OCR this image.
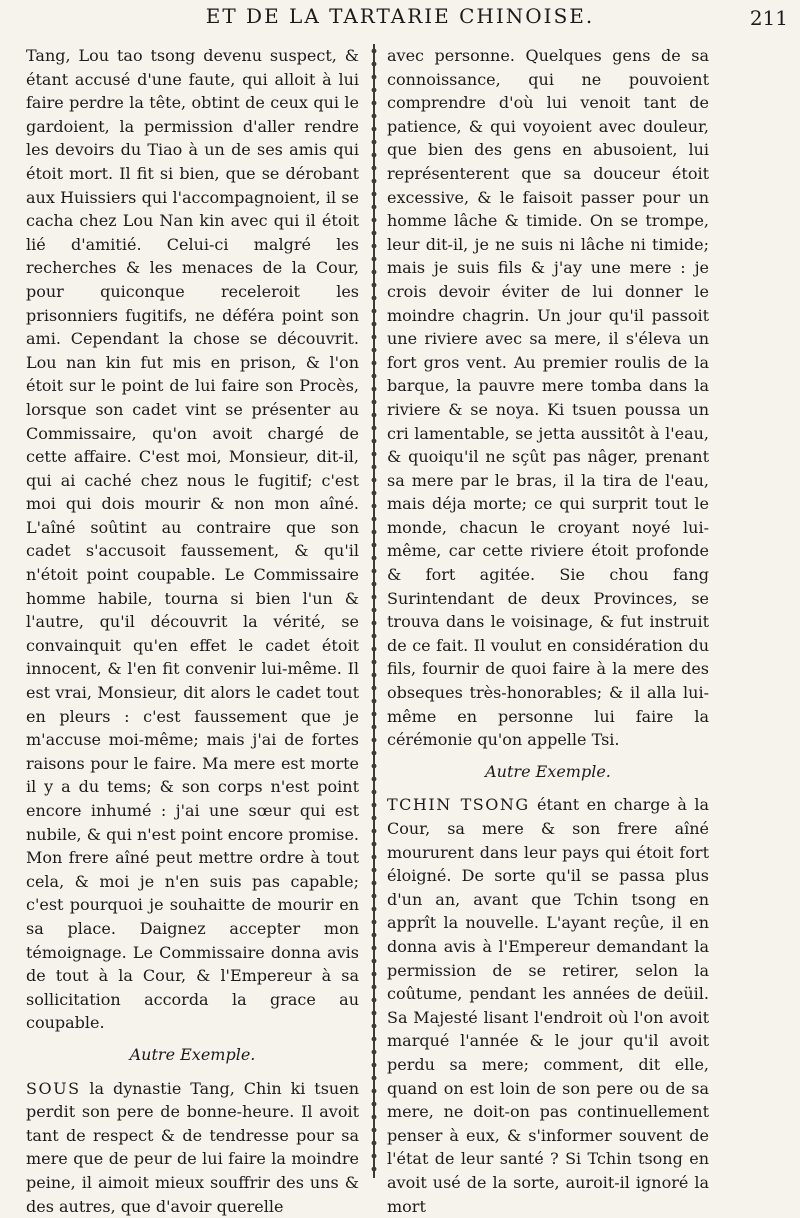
ET DE LA TARTARIE CHINOISE.	211

Tang, Lou tao tsong devenu suspect, & étant accusé d'une faute, qui alloit à lui faire perdre la tête, obtint de ceux qui le gardoient, la permission d'aller rendre les devoirs du Tiao à un de ses amis qui étoit mort. Il fit si bien, que se dérobant aux Huissiers qui l'accompagnoient, il se cacha chez Lou Nan kin avec qui il étoit lié d'amitié. Celui-ci malgré les recherches & les menaces de la Cour, pour quiconque receleroit les prisonniers fugitifs, ne déféra point son ami. Cependant la chose se découvrit. Lou nan kin fut mis en prison, & l'on étoit sur le point de lui faire son Procès, lorsque son cadet vint se présenter au Commissaire, qu'on avoit chargé de cette affaire. C'est moi, Monsieur, dit-il, qui ai caché chez nous le fugitif; c'est moi qui dois mourir & non mon aîné. L'aîné soûtint au contraire que son cadet s'accusoit faussement, & qu'il n'étoit point coupable. Le Commissaire homme habile, tourna si bien l'un & l'autre, qu'il découvrit la vérité, se convainquit qu'en effet le cadet étoit innocent, & l'en fit convenir lui-même. Il est vrai, Monsieur, dit alors le cadet tout en pleurs : c'est faussement que je m'accuse moi-même; mais j'ai de fortes raisons pour le faire. Ma mere est morte il y a du tems; & son corps n'est point encore inhumé : j'ai une sœur qui est nubile, & qui n'est point encore promise. Mon frere aîné peut mettre ordre à tout cela, & moi je n'en suis pas capable; c'est pourquoi je souhaitte de mourir en sa place. Daignez accepter mon témoignage. Le Commissaire donna avis de tout à la Cour, & l'Empereur à sa sollicitation accorda la grace au coupable.

Autre Exemple.

SOUS la dynastie Tang, Chin ki tsuen perdit son pere de bonne-heure. Il avoit tant de respect & de tendresse pour sa mere que de peur de lui faire la moindre peine, il aimoit mieux souffrir des uns & des autres, que d'avoir querelle

avec personne. Quelques gens de sa connoissance, qui ne pouvoient comprendre d'où lui venoit tant de patience, & qui voyoient avec douleur, que bien des gens en abusoient, lui représenterent que sa douceur étoit excessive, & le faisoit passer pour un homme lâche & timide. On se trompe, leur dit-il, je ne suis ni lâche ni timide; mais je suis fils & j'ay une mere : je crois devoir éviter de lui donner le moindre chagrin. Un jour qu'il passoit une riviere avec sa mere, il s'éleva un fort gros vent. Au premier roulis de la barque, la pauvre mere tomba dans la riviere & se noya. Ki tsuen poussa un cri lamentable, se jetta aussitôt à l'eau, & quoiqu'il ne sçût pas nâger, prenant sa mere par le bras, il la tira de l'eau, mais déja morte; ce qui surprit tout le monde, chacun le croyant noyé lui-même, car cette riviere étoit profonde & fort agitée. Sie chou fang Surintendant de deux Provinces, se trouva dans le voisinage, & fut instruit de ce fait. Il voulut en considération du fils, fournir de quoi faire à la mere des obseques très-honorables; & il alla lui-même en personne lui faire la cérémonie qu'on appelle Tsi.

Autre Exemple.

TCHIN TSONG étant en charge à la Cour, sa mere & son frere aîné moururent dans leur pays qui étoit fort éloigné. De sorte qu'il se passa plus d'un an, avant que Tchin tsong en apprît la nouvelle. L'ayant reçûe, il en donna avis à l'Empereur demandant la permission de se retirer, selon la coûtume, pendant les années de deüil. Sa Majesté lisant l'endroit où l'on avoit marqué l'année & le jour qu'il avoit perdu sa mere; comment, dit elle, quand on est loin de son pere ou de sa mere, ne doit-on pas continuellement penser à eux, & s'informer souvent de l'état de leur santé ? Si Tchin tsong en avoit usé de la sorte, auroit-il ignoré la mort
